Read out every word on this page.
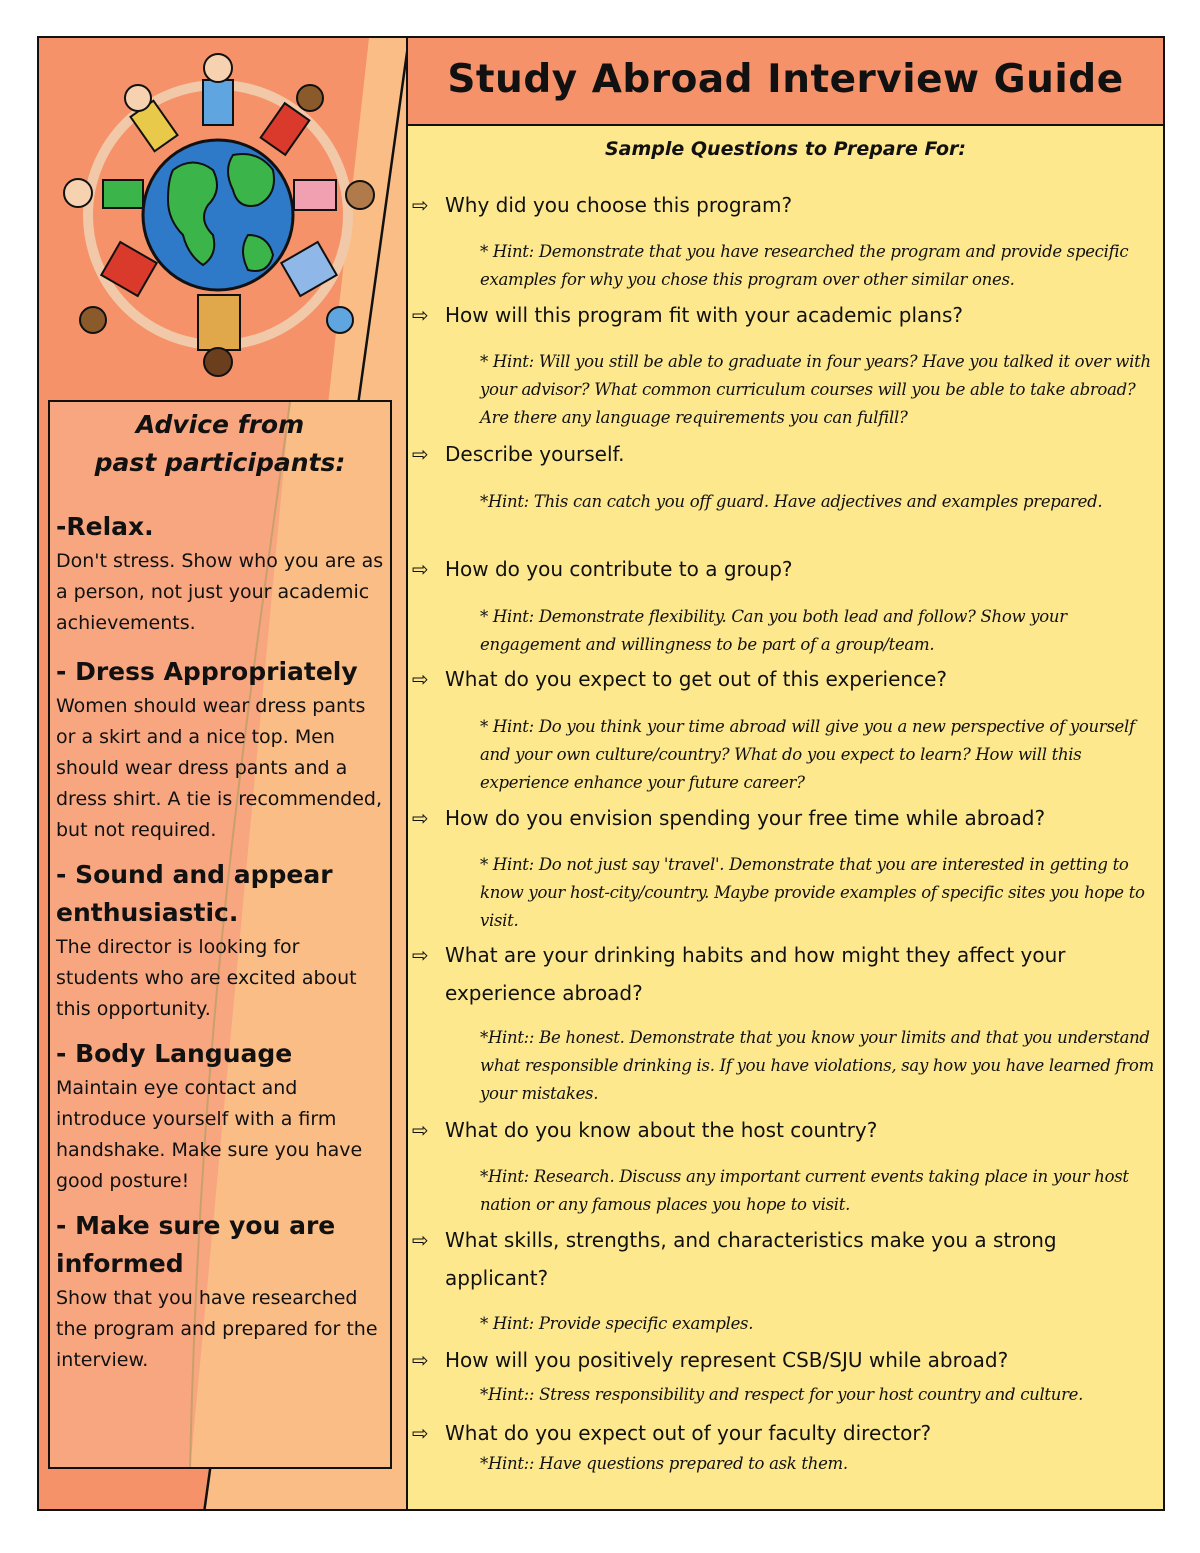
Advice from
past participants:
-Relax.
Don't stress. Show who you are as a person, not just your academic achievements.
- Dress Appropriately
Women should wear dress pants or a skirt and a nice top. Men should wear dress pants and a dress shirt. A tie is recommended, but not required.
- Sound and appear enthusiastic.
The director is looking for students who are excited about this opportunity.
- Body Language
Maintain eye contact and introduce yourself with a firm handshake. Make sure you have good posture!
- Make sure you are informed
Show that you have researched the program and prepared for the interview.
Study Abroad Interview Guide
Sample Questions to Prepare For:
⇨ Why did you choose this program?
* Hint: Demonstrate that you have researched the program and provide specific examples for why you chose this program over other similar ones.
⇨ How will this program fit with your academic plans?
* Hint: Will you still be able to graduate in four years? Have you talked it over with your advisor? What common curriculum courses will you be able to take abroad? Are there any language requirements you can fulfill?
⇨ Describe yourself.
*Hint: This can catch you off guard. Have adjectives and examples prepared.
⇨ How do you contribute to a group?
* Hint: Demonstrate flexibility. Can you both lead and follow? Show your engagement and willingness to be part of a group/team.
⇨ What do you expect to get out of this experience?
* Hint: Do you think your time abroad will give you a new perspective of yourself and your own culture/country? What do you expect to learn? How will this experience enhance your future career?
⇨ How do you envision spending your free time while abroad?
* Hint: Do not just say 'travel'. Demonstrate that you are interested in getting to know your host-city/country. Maybe provide examples of specific sites you hope to visit.
⇨ What are your drinking habits and how might they affect your experience abroad?
*Hint:: Be honest. Demonstrate that you know your limits and that you understand what responsible drinking is. If you have violations, say how you have learned from your mistakes.
⇨ What do you know about the host country?
*Hint: Research. Discuss any important current events taking place in your host nation or any famous places you hope to visit.
⇨ What skills, strengths, and characteristics make you a strong applicant?
* Hint: Provide specific examples.
⇨ How will you positively represent CSB/SJU while abroad?
*Hint:: Stress responsibility and respect for your host country and culture.
⇨ What do you expect out of your faculty director?
*Hint:: Have questions prepared to ask them.
